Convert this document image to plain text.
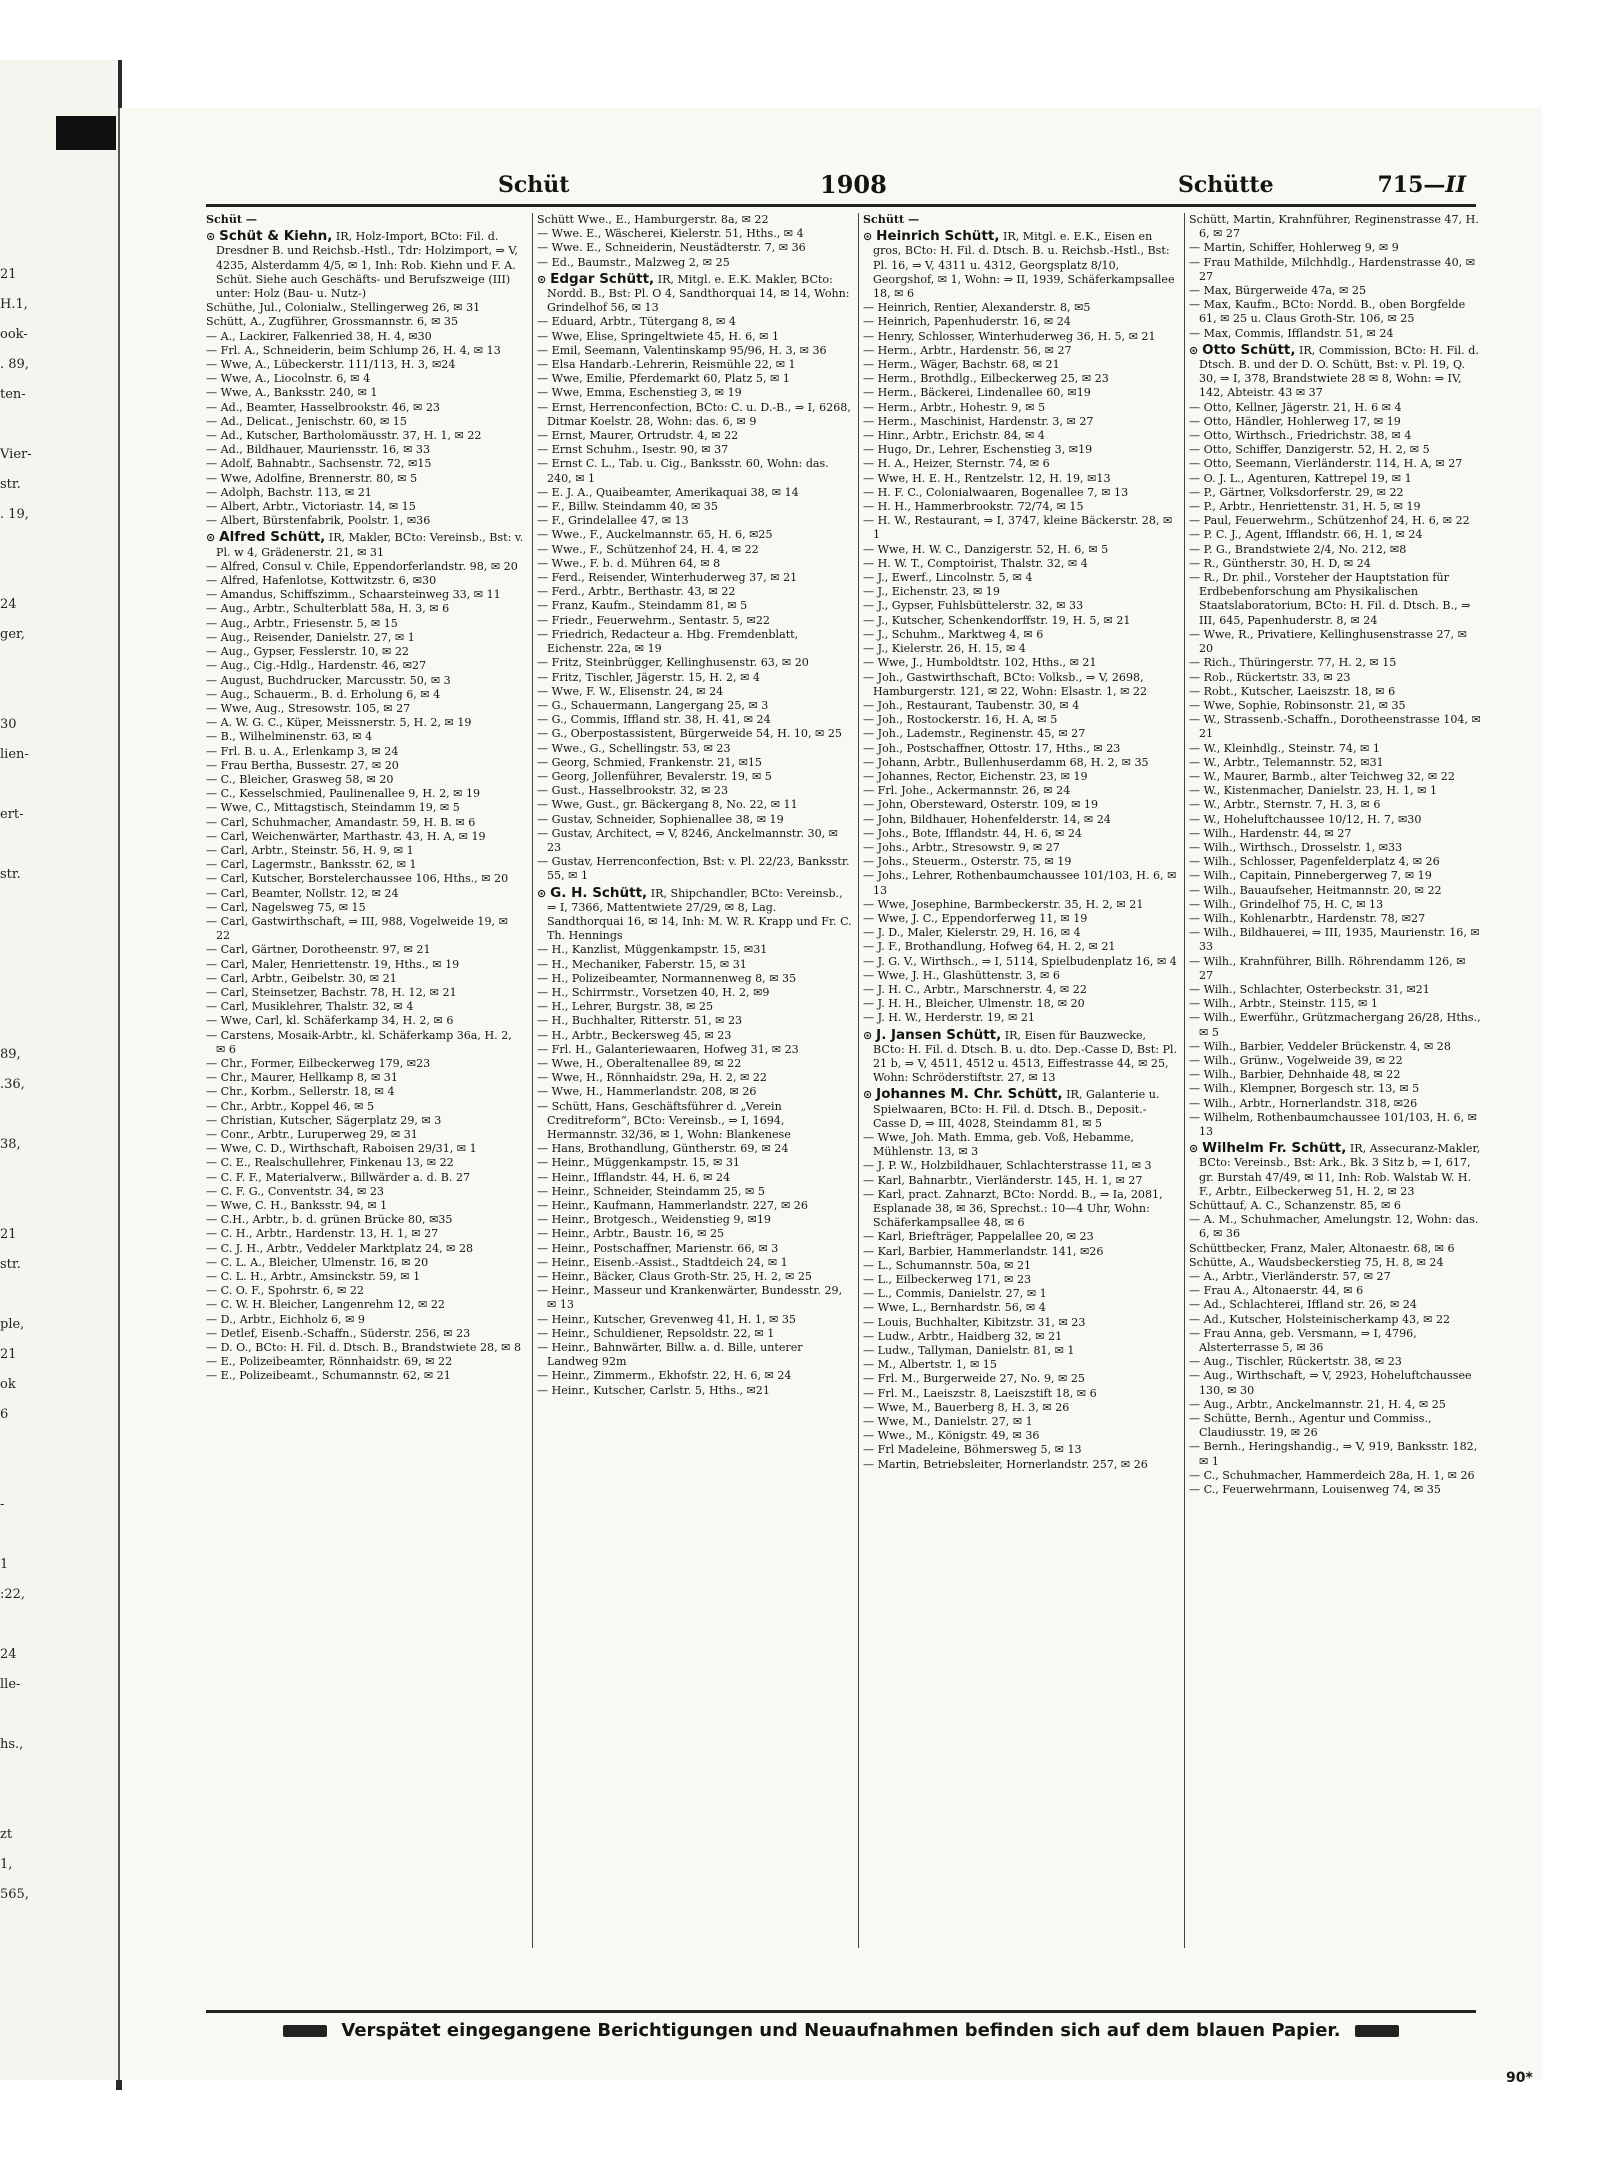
21
H.1,
ook-
. 89,
ten-

Vier-
str.
. 19,

24
ger,

30
lien-

ert-

str.

89,
.36,

38,

21
str.

ple,
21
ok
6

-

1
:22,

24
lle-

hs.,

zt
1,
565,
Schüt	1908	Schütte	715—II

Schüt —

⊙ Schüt & Kiehn, IR, Holz-Import, BCto: Fil. d. Dresdner B. und Reichsb.-Hstl., Tdr: Holzimport, ⇒ V, 4235, Alsterdamm 4/5, ✉ 1, Inh: Rob. Kiehn und F. A. Schüt. Siehe auch Geschäfts- und Berufszweige (III) unter: Holz (Bau- u. Nutz-)

Schüthe, Jul., Colonialw., Stellingerweg 26, ✉ 31

Schütt, A., Zugführer, Grossmannstr. 6, ✉ 35

— A., Lackirer, Falkenried 38, H. 4, ✉30

— Frl. A., Schneiderin, beim Schlump 26, H. 4, ✉ 13

— Wwe, A., Lübeckerstr. 111/113, H. 3, ✉24

— Wwe, A., Liocolnstr. 6, ✉ 4

— Wwe, A., Banksstr. 240, ✉ 1

— Ad., Beamter, Hasselbrookstr. 46, ✉ 23

— Ad., Delicat., Jenischstr. 60, ✉ 15

— Ad., Kutscher, Bartholomäusstr. 37, H. 1, ✉ 22

— Ad., Bildhauer, Mauriensstr. 16, ✉ 33

— Adolf, Bahnabtr., Sachsenstr. 72, ✉15

— Wwe, Adolfine, Brennerstr. 80, ✉ 5

— Adolph, Bachstr. 113, ✉ 21

— Albert, Arbtr., Victoriastr. 14, ✉ 15

— Albert, Bürstenfabrik, Poolstr. 1, ✉36

⊙ Alfred Schütt, IR, Makler, BCto: Vereinsb., Bst: v. Pl. w 4, Grädenerstr. 21, ✉ 31

— Alfred, Consul v. Chile, Eppendorferlandstr. 98, ✉ 20

— Alfred, Hafenlotse, Kottwitzstr. 6, ✉30

— Amandus, Schiffszimm., Schaarsteinweg 33, ✉ 11

— Aug., Arbtr., Schulterblatt 58a, H. 3, ✉ 6

— Aug., Arbtr., Friesenstr. 5, ✉ 15

— Aug., Reisender, Danielstr. 27, ✉ 1

— Aug., Gypser, Fesslerstr. 10, ✉ 22

— Aug., Cig.-Hdlg., Hardenstr. 46, ✉27

— August, Buchdrucker, Marcusstr. 50, ✉ 3

— Aug., Schauerm., B. d. Erholung 6, ✉ 4

— Wwe, Aug., Stresowstr. 105, ✉ 27

— A. W. G. C., Küper, Meissnerstr. 5, H. 2, ✉ 19

— B., Wilhelminenstr. 63, ✉ 4

— Frl. B. u. A., Erlenkamp 3, ✉ 24

— Frau Bertha, Bussestr. 27, ✉ 20

— C., Bleicher, Grasweg 58, ✉ 20

— C., Kesselschmied, Paulinenallee 9, H. 2, ✉ 19

— Wwe, C., Mittagstisch, Steindamm 19, ✉ 5

— Carl, Schuhmacher, Amandastr. 59, H. B. ✉ 6

— Carl, Weichenwärter, Marthastr. 43, H. A, ✉ 19

— Carl, Arbtr., Steinstr. 56, H. 9, ✉ 1

— Carl, Lagermstr., Banksstr. 62, ✉ 1

— Carl, Kutscher, Borstelerchaussee 106, Hths., ✉ 20

— Carl, Beamter, Nollstr. 12, ✉ 24

— Carl, Nagelsweg 75, ✉ 15

— Carl, Gastwirthschaft, ⇒ III, 988, Vogelweide 19, ✉ 22

— Carl, Gärtner, Dorotheenstr. 97, ✉ 21

— Carl, Maler, Henriettenstr. 19, Hths., ✉ 19

— Carl, Arbtr., Geibelstr. 30, ✉ 21

— Carl, Steinsetzer, Bachstr. 78, H. 12, ✉ 21

— Carl, Musiklehrer, Thalstr. 32, ✉ 4

— Wwe, Carl, kl. Schäferkamp 34, H. 2, ✉ 6

— Carstens, Mosaik-Arbtr., kl. Schäferkamp 36a, H. 2, ✉ 6

— Chr., Former, Eilbeckerweg 179, ✉23

— Chr., Maurer, Hellkamp 8, ✉ 31

— Chr., Korbm., Sellerstr. 18, ✉ 4

— Chr., Arbtr., Koppel 46, ✉ 5

— Christian, Kutscher, Sägerplatz 29, ✉ 3

— Conr., Arbtr., Luruperweg 29, ✉ 31

— Wwe, C. D., Wirthschaft, Raboisen 29/31, ✉ 1

— C. E., Realschullehrer, Finkenau 13, ✉ 22

— C. F. F., Materialverw., Billwärder a. d. B. 27

— C. F. G., Conventstr. 34, ✉ 23

— Wwe, C. H., Banksstr. 94, ✉ 1

— C.H., Arbtr., b. d. grünen Brücke 80, ✉35

— C. H., Arbtr., Hardenstr. 13, H. 1, ✉ 27

— C. J. H., Arbtr., Veddeler Marktplatz 24, ✉ 28

— C. L. A., Bleicher, Ulmenstr. 16, ✉ 20

— C. L. H., Arbtr., Amsinckstr. 59, ✉ 1

— C. O. F., Spohrstr. 6, ✉ 22

— C. W. H. Bleicher, Langenrehm 12, ✉ 22

— D., Arbtr., Eichholz 6, ✉ 9

— Detlef, Eisenb.-Schaffn., Süderstr. 256, ✉ 23

— D. O., BCto: H. Fil. d. Dtsch. B., Brandstwiete 28, ✉ 8

— E., Polizeibeamter, Rönnhaidstr. 69, ✉ 22

— E., Polizeibeamt., Schumannstr. 62, ✉ 21

Schütt Wwe., E., Hamburgerstr. 8a, ✉ 22

— Wwe. E., Wäscherei, Kielerstr. 51, Hths., ✉ 4

— Wwe. E., Schneiderin, Neustädterstr. 7, ✉ 36

— Ed., Baumstr., Malzweg 2, ✉ 25

⊙ Edgar Schütt, IR, Mitgl. e. E.K. Makler, BCto: Nordd. B., Bst: Pl. O 4, Sandthorquai 14, ✉ 14, Wohn: Grindelhof 56, ✉ 13

— Eduard, Arbtr., Tütergang 8, ✉ 4

— Wwe, Elise, Springeltwiete 45, H. 6, ✉ 1

— Emil, Seemann, Valentinskamp 95/96, H. 3, ✉ 36

— Elsa Handarb.-Lehrerin, Reismühle 22, ✉ 1

— Wwe, Emilie, Pferdemarkt 60, Platz 5, ✉ 1

— Wwe, Emma, Eschenstieg 3, ✉ 19

— Ernst, Herrenconfection, BCto: C. u. D.-B., ⇒ I, 6268, Ditmar Koelstr. 28, Wohn: das. 6, ✉ 9

— Ernst, Maurer, Ortrudstr. 4, ✉ 22

— Ernst Schuhm., Isestr. 90, ✉ 37

— Ernst C. L., Tab. u. Cig., Banksstr. 60, Wohn: das. 240, ✉ 1

— E. J. A., Quaibeamter, Amerikaquai 38, ✉ 14

— F., Billw. Steindamm 40, ✉ 35

— F., Grindelallee 47, ✉ 13

— Wwe., F., Auckelmannstr. 65, H. 6, ✉25

— Wwe., F., Schützenhof 24, H. 4, ✉ 22

— Wwe., F. b. d. Mühren 64, ✉ 8

— Ferd., Reisender, Winterhuderweg 37, ✉ 21

— Ferd., Arbtr., Berthastr. 43, ✉ 22

— Franz, Kaufm., Steindamm 81, ✉ 5

— Friedr., Feuerwehrm., Sentastr. 5, ✉22

— Friedrich, Redacteur a. Hbg. Fremdenblatt, Eichenstr. 22a, ✉ 19

— Fritz, Steinbrügger, Kellinghusenstr. 63, ✉ 20

— Fritz, Tischler, Jägerstr. 15, H. 2, ✉ 4

— Wwe, F. W., Elisenstr. 24, ✉ 24

— G., Schauermann, Langergang 25, ✉ 3

— G., Commis, Iffland str. 38, H. 41, ✉ 24

— G., Oberpostassistent, Bürgerweide 54, H. 10, ✉ 25

— Wwe., G., Schellingstr. 53, ✉ 23

— Georg, Schmied, Frankenstr. 21, ✉15

— Georg, Jollenführer, Bevalerstr. 19, ✉ 5

— Gust., Hasselbrookstr. 32, ✉ 23

— Wwe, Gust., gr. Bäckergang 8, No. 22, ✉ 11

— Gustav, Schneider, Sophienallee 38, ✉ 19

— Gustav, Architect, ⇒ V, 8246, Anckelmannstr. 30, ✉ 23

— Gustav, Herrenconfection, Bst: v. Pl. 22/23, Banksstr. 55, ✉ 1

⊙ G. H. Schütt, IR, Shipchandler, BCto: Vereinsb., ⇒ I, 7366, Mattentwiete 27/29, ✉ 8, Lag. Sandthorquai 16, ✉ 14, Inh: M. W. R. Krapp und Fr. C. Th. Hennings

— H., Kanzlist, Müggenkampstr. 15, ✉31

— H., Mechaniker, Faberstr. 15, ✉ 31

— H., Polizeibeamter, Normannenweg 8, ✉ 35

— H., Schirrmstr., Vorsetzen 40, H. 2, ✉9

— H., Lehrer, Burgstr. 38, ✉ 25

— H., Buchhalter, Ritterstr. 51, ✉ 23

— H., Arbtr., Beckersweg 45, ✉ 23

— Frl. H., Galanteriewaaren, Hofweg 31, ✉ 23

— Wwe, H., Oberaltenallee 89, ✉ 22

— Wwe, H., Rönnhaidstr. 29a, H. 2, ✉ 22

— Wwe, H., Hammerlandstr. 208, ✉ 26

— Schütt, Hans, Geschäftsführer d. „Verein Creditreform“, BCto: Vereinsb., ⇒ I, 1694, Hermannstr. 32/36, ✉ 1, Wohn: Blankenese

— Hans, Brothandlung, Güntherstr. 69, ✉ 24

— Heinr., Müggenkampstr. 15, ✉ 31

— Heinr., Ifflandstr. 44, H. 6, ✉ 24

— Heinr., Schneider, Steindamm 25, ✉ 5

— Heinr., Kaufmann, Hammerlandstr. 227, ✉ 26

— Heinr., Brotgesch., Weidenstieg 9, ✉19

— Heinr., Arbtr., Baustr. 16, ✉ 25

— Heinr., Postschaffner, Marienstr. 66, ✉ 3

— Heinr., Eisenb.-Assist., Stadtdeich 24, ✉ 1

— Heinr., Bäcker, Claus Groth-Str. 25, H. 2, ✉ 25

— Heinr., Masseur und Krankenwärter, Bundesstr. 29, ✉ 13

— Heinr., Kutscher, Grevenweg 41, H. 1, ✉ 35

— Heinr., Schuldiener, Repsoldstr. 22, ✉ 1

— Heinr., Bahnwärter, Billw. a. d. Bille, unterer Landweg 92m

— Heinr., Zimmerm., Ekhofstr. 22, H. 6, ✉ 24

— Heinr., Kutscher, Carlstr. 5, Hths., ✉21

Schütt —

⊙ Heinrich Schütt, IR, Mitgl. e. E.K., Eisen en gros, BCto: H. Fil. d. Dtsch. B. u. Reichsb.-Hstl., Bst: Pl. 16, ⇒ V, 4311 u. 4312, Georgsplatz 8/10, Georgshof, ✉ 1, Wohn: ⇒ II, 1939, Schäferkampsallee 18, ✉ 6

— Heinrich, Rentier, Alexanderstr. 8, ✉5

— Heinrich, Papenhuderstr. 16, ✉ 24

— Henry, Schlosser, Winterhuderweg 36, H. 5, ✉ 21

— Herm., Arbtr., Hardenstr. 56, ✉ 27

— Herm., Wäger, Bachstr. 68, ✉ 21

— Herm., Brothdlg., Eilbeckerweg 25, ✉ 23

— Herm., Bäckerei, Lindenallee 60, ✉19

— Herm., Arbtr., Hohestr. 9, ✉ 5

— Herm., Maschinist, Hardenstr. 3, ✉ 27

— Hinr., Arbtr., Erichstr. 84, ✉ 4

— Hugo, Dr., Lehrer, Eschenstieg 3, ✉19

— H. A., Heizer, Sternstr. 74, ✉ 6

— Wwe, H. E. H., Rentzelstr. 12, H. 19, ✉13

— H. F. C., Colonialwaaren, Bogenallee 7, ✉ 13

— H. H., Hammerbrookstr. 72/74, ✉ 15

— H. W., Restaurant, ⇒ I, 3747, kleine Bäckerstr. 28, ✉ 1

— Wwe, H. W. C., Danzigerstr. 52, H. 6, ✉ 5

— H. W. T., Comptoirist, Thalstr. 32, ✉ 4

— J., Ewerf., Lincolnstr. 5, ✉ 4

— J., Eichenstr. 23, ✉ 19

— J., Gypser, Fuhlsbüttelerstr. 32, ✉ 33

— J., Kutscher, Schenkendorffstr. 19, H. 5, ✉ 21

— J., Schuhm., Marktweg 4, ✉ 6

— J., Kielerstr. 26, H. 15, ✉ 4

— Wwe, J., Humboldtstr. 102, Hths., ✉ 21

— Joh., Gastwirthschaft, BCto: Volksb., ⇒ V, 2698, Hamburgerstr. 121, ✉ 22, Wohn: Elsastr. 1, ✉ 22

— Joh., Restaurant, Taubenstr. 30, ✉ 4

— Joh., Rostockerstr. 16, H. A, ✉ 5

— Joh., Lademstr., Reginenstr. 45, ✉ 27

— Joh., Postschaffner, Ottostr. 17, Hths., ✉ 23

— Johann, Arbtr., Bullenhuserdamm 68, H. 2, ✉ 35

— Johannes, Rector, Eichenstr. 23, ✉ 19

— Frl. Johe., Ackermannstr. 26, ✉ 24

— John, Obersteward, Osterstr. 109, ✉ 19

— John, Bildhauer, Hohenfelderstr. 14, ✉ 24

— Johs., Bote, Ifflandstr. 44, H. 6, ✉ 24

— Johs., Arbtr., Stresowstr. 9, ✉ 27

— Johs., Steuerm., Osterstr. 75, ✉ 19

— Johs., Lehrer, Rothenbaumchaussee 101/103, H. 6, ✉ 13

— Wwe, Josephine, Barmbeckerstr. 35, H. 2, ✉ 21

— Wwe, J. C., Eppendorferweg 11, ✉ 19

— J. D., Maler, Kielerstr. 29, H. 16, ✉ 4

— J. F., Brothandlung, Hofweg 64, H. 2, ✉ 21

— J. G. V., Wirthsch., ⇒ I, 5114, Spielbudenplatz 16, ✉ 4

— Wwe, J. H., Glashüttenstr. 3, ✉ 6

— J. H. C., Arbtr., Marschnerstr. 4, ✉ 22

— J. H. H., Bleicher, Ulmenstr. 18, ✉ 20

— J. H. W., Herderstr. 19, ✉ 21

⊙ J. Jansen Schütt, IR, Eisen für Bauzwecke, BCto: H. Fil. d. Dtsch. B. u. dto. Dep.-Casse D, Bst: Pl. 21 b, ⇒ V, 4511, 4512 u. 4513, Eiffestrasse 44, ✉ 25, Wohn: Schröderstiftstr. 27, ✉ 13

⊙ Johannes M. Chr. Schütt, IR, Galanterie u. Spielwaaren, BCto: H. Fil. d. Dtsch. B., Deposit.-Casse D, ⇒ III, 4028, Steindamm 81, ✉ 5

— Wwe, Joh. Math. Emma, geb. Voß, Hebamme, Mühlenstr. 13, ✉ 3

— J. P. W., Holzbildhauer, Schlachterstrasse 11, ✉ 3

— Karl, Bahnarbtr., Vierländerstr. 145, H. 1, ✉ 27

— Karl, pract. Zahnarzt, BCto: Nordd. B., ⇒ Ia, 2081, Esplanade 38, ✉ 36, Sprechst.: 10—4 Uhr, Wohn: Schäferkampsallee 48, ✉ 6

— Karl, Briefträger, Pappelallee 20, ✉ 23

— Karl, Barbier, Hammerlandstr. 141, ✉26

— L., Schumannstr. 50a, ✉ 21

— L., Eilbeckerweg 171, ✉ 23

— L., Commis, Danielstr. 27, ✉ 1

— Wwe, L., Bernhardstr. 56, ✉ 4

— Louis, Buchhalter, Kibitzstr. 31, ✉ 23

— Ludw., Arbtr., Haidberg 32, ✉ 21

— Ludw., Tallyman, Danielstr. 81, ✉ 1

— M., Albertstr. 1, ✉ 15

— Frl. M., Burgerweide 27, No. 9, ✉ 25

— Frl. M., Laeiszstr. 8, Laeiszstift 18, ✉ 6

— Wwe, M., Bauerberg 8, H. 3, ✉ 26

— Wwe, M., Danielstr. 27, ✉ 1

— Wwe., M., Königstr. 49, ✉ 36

— Frl Madeleine, Böhmersweg 5, ✉ 13

— Martin, Betriebsleiter, Hornerlandstr. 257, ✉ 26

Schütt, Martin, Krahnführer, Reginenstrasse 47, H. 6, ✉ 27

— Martin, Schiffer, Hohlerweg 9, ✉ 9

— Frau Mathilde, Milchhdlg., Hardenstrasse 40, ✉ 27

— Max, Bürgerweide 47a, ✉ 25

— Max, Kaufm., BCto: Nordd. B., oben Borgfelde 61, ✉ 25 u. Claus Groth-Str. 106, ✉ 25

— Max, Commis, Ifflandstr. 51, ✉ 24

⊙ Otto Schütt, IR, Commission, BCto: H. Fil. d. Dtsch. B. und der D. O. Schütt, Bst: v. Pl. 19, Q. 30, ⇒ I, 378, Brandstwiete 28 ✉ 8, Wohn: ⇒ IV, 142, Abteistr. 43 ✉ 37

— Otto, Kellner, Jägerstr. 21, H. 6 ✉ 4

— Otto, Händler, Hohlerweg 17, ✉ 19

— Otto, Wirthsch., Friedrichstr. 38, ✉ 4

— Otto, Schiffer, Danzigerstr. 52, H. 2, ✉ 5

— Otto, Seemann, Vierländerstr. 114, H. A, ✉ 27

— O. J. L., Agenturen, Kattrepel 19, ✉ 1

— P., Gärtner, Volksdorferstr. 29, ✉ 22

— P., Arbtr., Henriettenstr. 31, H. 5, ✉ 19

— Paul, Feuerwehrm., Schützenhof 24, H. 6, ✉ 22

— P. C. J., Agent, Ifflandstr. 66, H. 1, ✉ 24

— P. G., Brandstwiete 2/4, No. 212, ✉8

— R., Güntherstr. 30, H. D, ✉ 24

— R., Dr. phil., Vorsteher der Hauptstation für Erdbebenforschung am Physikalischen Staatslaboratorium, BCto: H. Fil. d. Dtsch. B., ⇒ III, 645, Papenhuderstr. 8, ✉ 24

— Wwe, R., Privatiere, Kellinghusenstrasse 27, ✉ 20

— Rich., Thüringerstr. 77, H. 2, ✉ 15

— Rob., Rückertstr. 33, ✉ 23

— Robt., Kutscher, Laeiszstr. 18, ✉ 6

— Wwe, Sophie, Robinsonstr. 21, ✉ 35

— W., Strassenb.-Schaffn., Dorotheenstrasse 104, ✉ 21

— W., Kleinhdlg., Steinstr. 74, ✉ 1

— W., Arbtr., Telemannstr. 52, ✉31

— W., Maurer, Barmb., alter Teichweg 32, ✉ 22

— W., Kistenmacher, Danielstr. 23, H. 1, ✉ 1

— W., Arbtr., Sternstr. 7, H. 3, ✉ 6

— W., Hoheluftchaussee 10/12, H. 7, ✉30

— Wilh., Hardenstr. 44, ✉ 27

— Wilh., Wirthsch., Drosselstr. 1, ✉33

— Wilh., Schlosser, Pagenfelderplatz 4, ✉ 26

— Wilh., Capitain, Pinnebergerweg 7, ✉ 19

— Wilh., Bauaufseher, Heitmannstr. 20, ✉ 22

— Wilh., Grindelhof 75, H. C, ✉ 13

— Wilh., Kohlenarbtr., Hardenstr. 78, ✉27

— Wilh., Bildhauerei, ⇒ III, 1935, Maurienstr. 16, ✉ 33

— Wilh., Krahnführer, Billh. Röhrendamm 126, ✉ 27

— Wilh., Schlachter, Osterbeckstr. 31, ✉21

— Wilh., Arbtr., Steinstr. 115, ✉ 1

— Wilh., Ewerführ., Grützmachergang 26/28, Hths., ✉ 5

— Wilh., Barbier, Veddeler Brückenstr. 4, ✉ 28

— Wilh., Grünw., Vogelweide 39, ✉ 22

— Wilh., Barbier, Dehnhaide 48, ✉ 22

— Wilh., Klempner, Borgesch str. 13, ✉ 5

— Wilh., Arbtr., Hornerlandstr. 318, ✉26

— Wilhelm, Rothenbaumchaussee 101/103, H. 6, ✉ 13

⊙ Wilhelm Fr. Schütt, IR, Assecuranz-Makler, BCto: Vereinsb., Bst: Ark., Bk. 3 Sitz b, ⇒ I, 617, gr. Burstah 47/49, ✉ 11, Inh: Rob. Walstab W. H. F., Arbtr., Eilbeckerweg 51, H. 2, ✉ 23

Schüttauf, A. C., Schanzenstr. 85, ✉ 6

— A. M., Schuhmacher, Amelungstr. 12, Wohn: das. 6, ✉ 36

Schüttbecker, Franz, Maler, Altonaestr. 68, ✉ 6

Schütte, A., Waudsbeckerstieg 75, H. 8, ✉ 24

— A., Arbtr., Vierländerstr. 57, ✉ 27

— Frau A., Altonaerstr. 44, ✉ 6

— Ad., Schlachterei, Iffland str. 26, ✉ 24

— Ad., Kutscher, Holsteinischerkamp 43, ✉ 22

— Frau Anna, geb. Versmann, ⇒ I, 4796, Alsterterrasse 5, ✉ 36

— Aug., Tischler, Rückertstr. 38, ✉ 23

— Aug., Wirthschaft, ⇒ V, 2923, Hoheluftchaussee 130, ✉ 30

— Aug., Arbtr., Anckelmannstr. 21, H. 4, ✉ 25

— Schütte, Bernh., Agentur und Commiss., Claudiusstr. 19, ✉ 26

— Bernh., Heringshandig., ⇒ V, 919, Banksstr. 182, ✉ 1

— C., Schuhmacher, Hammerdeich 28a, H. 1, ✉ 26

— C., Feuerwehrmann, Louisenweg 74, ✉ 35

Verspätet eingegangene Berichtigungen und Neuaufnahmen befinden sich auf dem blauen Papier.
90*
